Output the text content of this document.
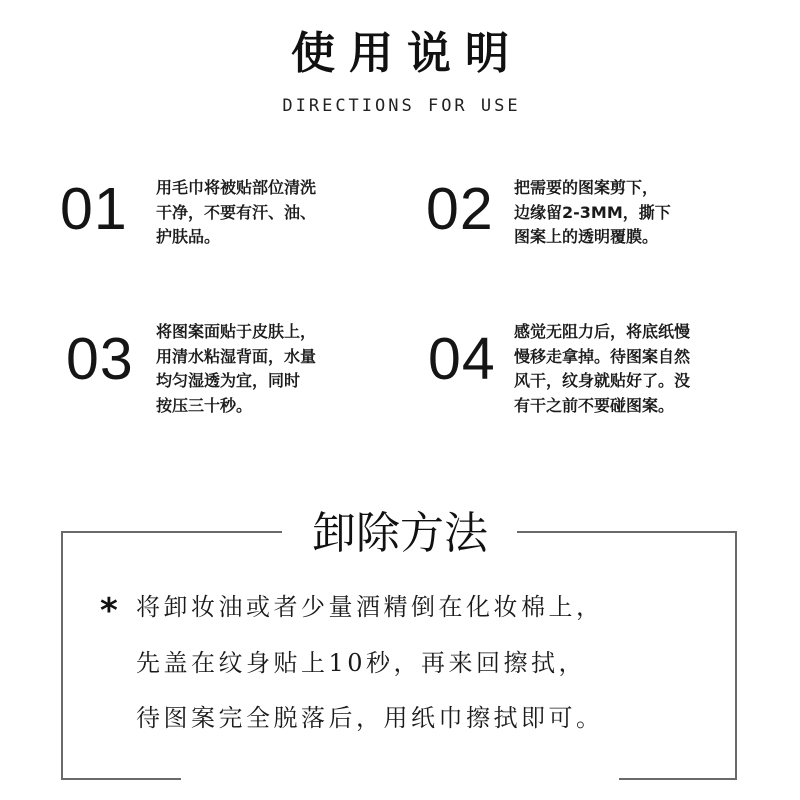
使用说明
DIRECTIONS FOR USE
01 用毛巾将被贴部位清洗
干净，不要有汗、油、
护肤品。	02 把需要的图案剪下，
边缘留2-3MM，撕下
图案上的透明覆膜。
03 将图案面贴于皮肤上，
用清水粘湿背面，水量
均匀湿透为宜，同时
按压三十秒。
04 感觉无阻力后，将底纸慢
慢移走拿掉。待图案自然
风干，纹身就贴好了。没
有干之前不要碰图案。
卸除方法
* 将卸妆油或者少量酒精倒在化妆棉上，
先盖在纹身贴上10秒，再来回擦拭，
待图案完全脱落后，用纸巾擦拭即可。
